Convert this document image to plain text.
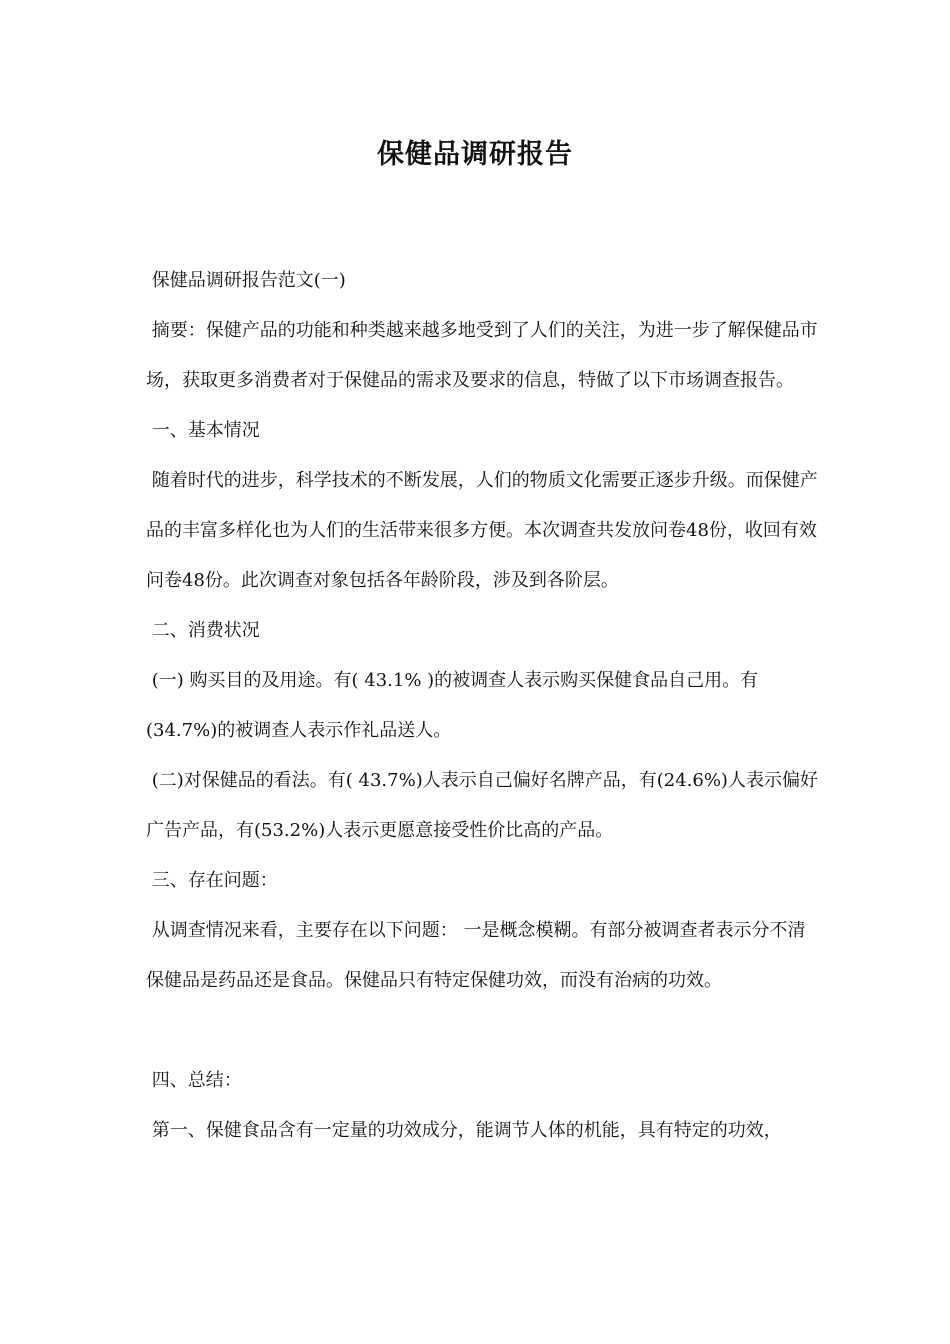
保健品调研报告

保健品调研报告范文(一)

摘要：保健产品的功能和种类越来越多地受到了人们的关注，为进一步了解保健品市场，获取更多消费者对于保健品的需求及要求的信息，特做了以下市场调查报告。

一、基本情况

随着时代的进步，科学技术的不断发展，人们的物质文化需要正逐步升级。而保健产品的丰富多样化也为人们的生活带来很多方便。本次调查共发放问卷48份，收回有效问卷48份。此次调查对象包括各年龄阶段，涉及到各阶层。

二、消费状况

(一) 购买目的及用途。有( 43.1% )的被调查人表示购买保健食品自己用。有(34.7%)的被调查人表示作礼品送人。

(二)对保健品的看法。有( 43.7%)人表示自己偏好名牌产品，有(24.6%)人表示偏好广告产品，有(53.2%)人表示更愿意接受性价比高的产品。

三、存在问题：

从调查情况来看，主要存在以下问题： 一是概念模糊。有部分被调查者表示分不清保健品是药品还是食品。保健品只有特定保健功效，而没有治病的功效。

四、总结：

第一、保健食品含有一定量的功效成分，能调节人体的机能，具有特定的功效，
